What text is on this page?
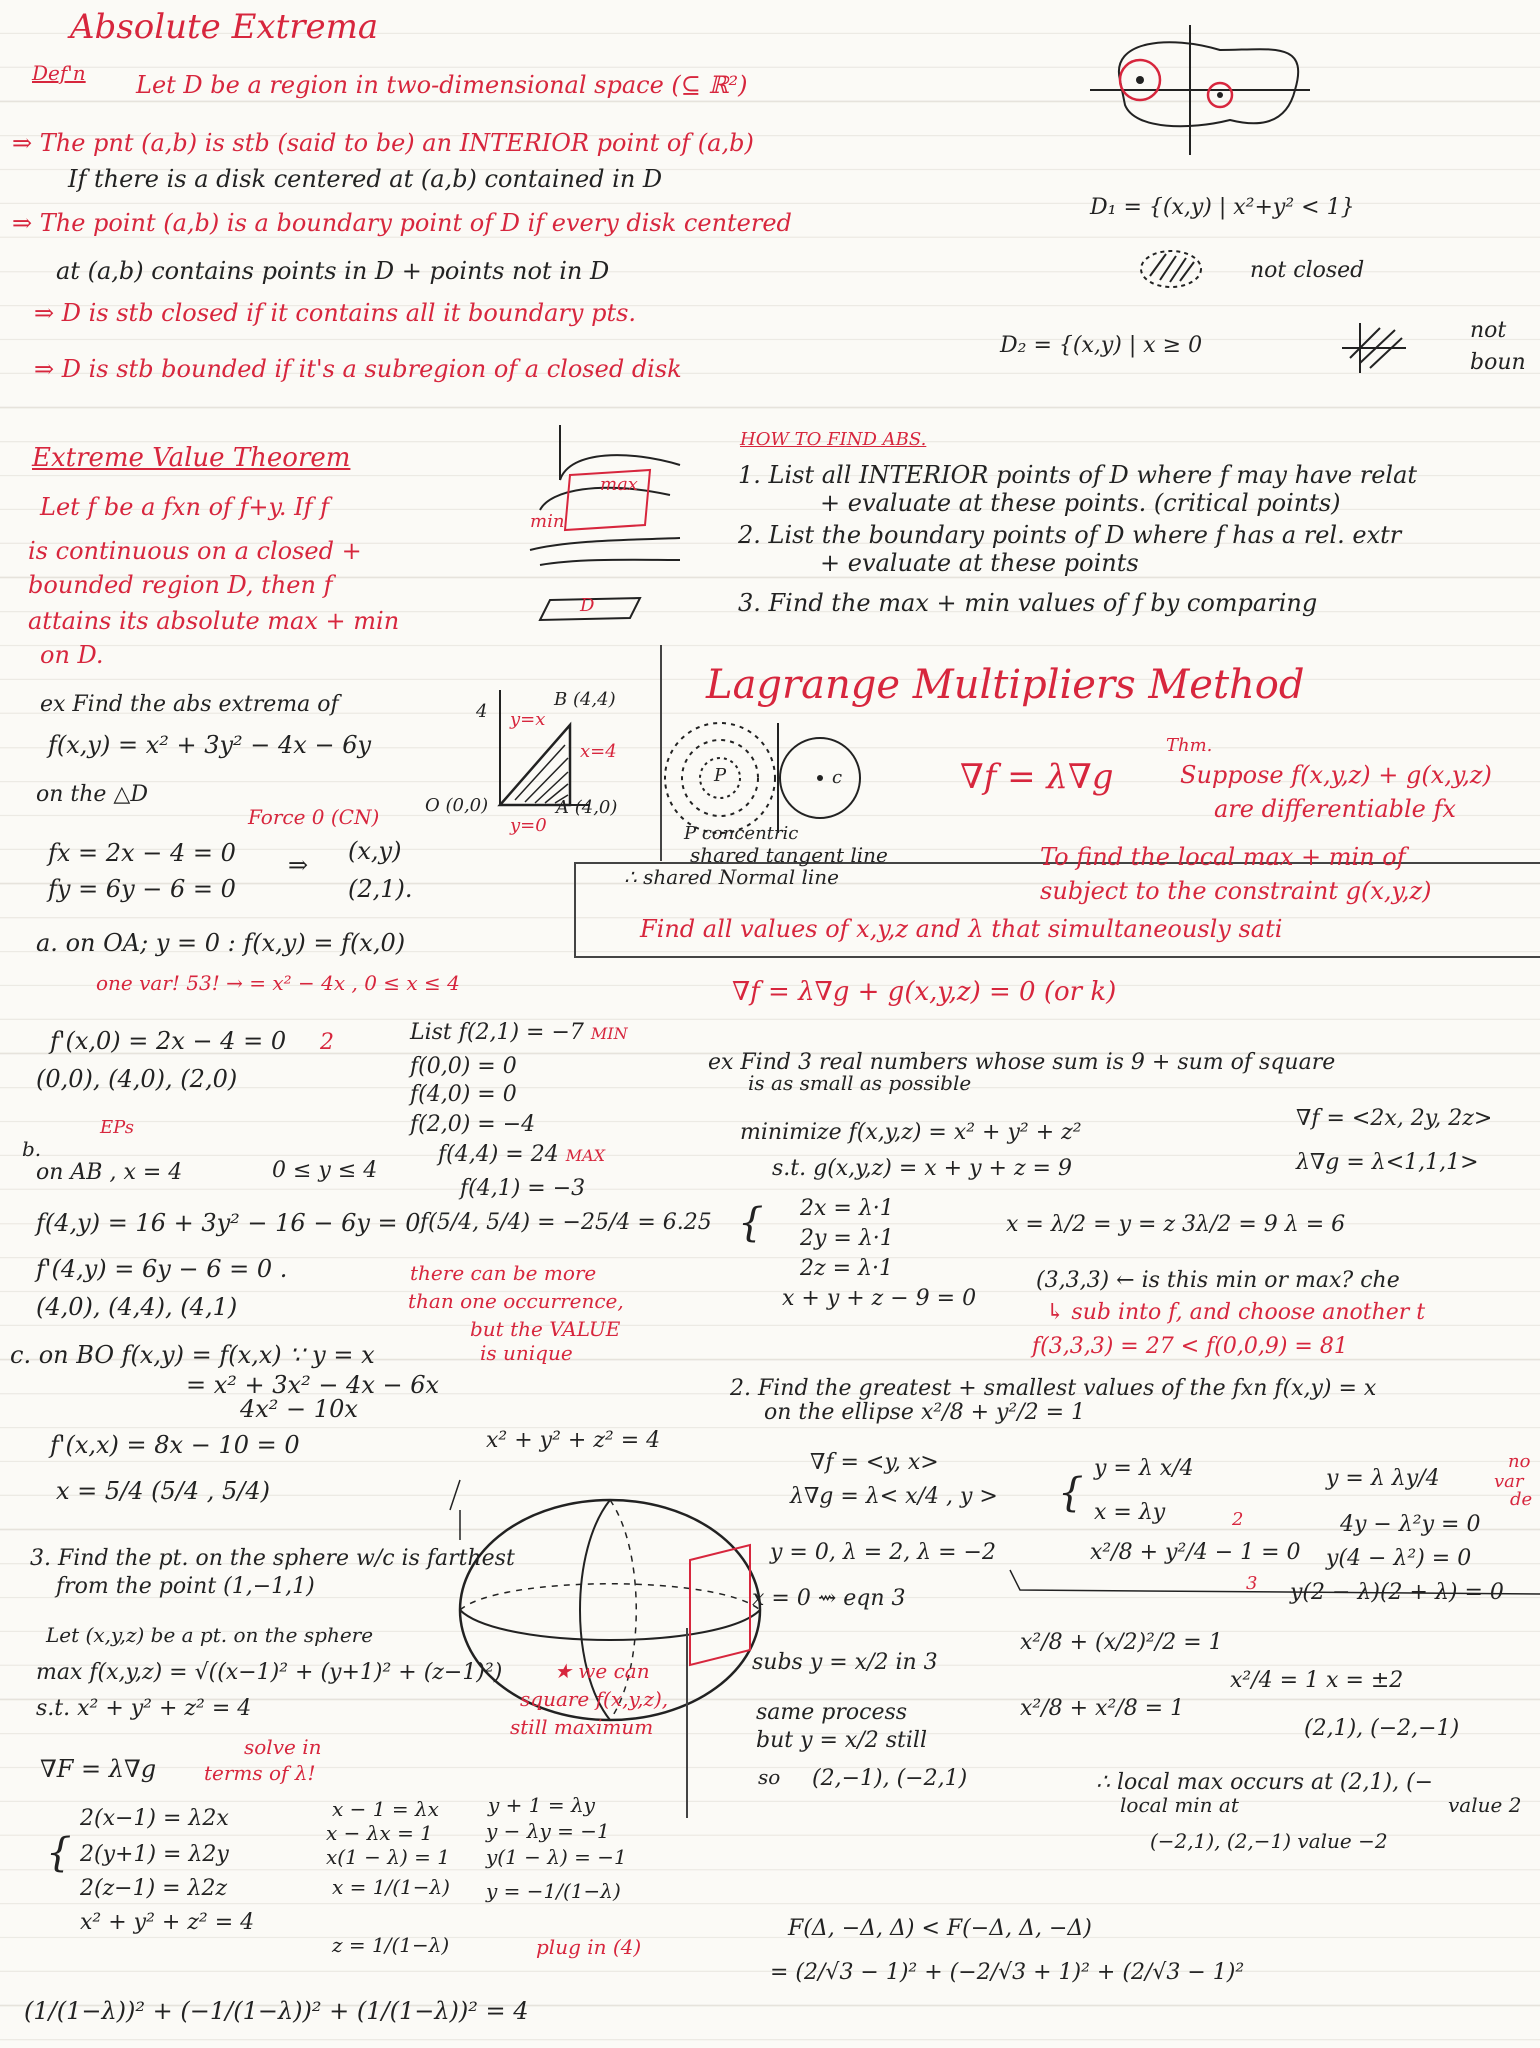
Absolute Extrema
Def'n Let D be a region in two-dimensional space (⊆ ℝ²)
⇒ The pnt (a,b) is stb (said to be) an INTERIOR point of (a,b)
If there is a disk centered at (a,b) contained in D
⇒ The point (a,b) is a boundary point of D if every disk centered
at (a,b) contains points in D + points not in D
⇒ D is stb closed if it contains all it boundary pts.
⇒ D is stb bounded if it's a subregion of a closed disk
D₁ = {(x,y) | x²+y² < 1}
not closed
D₂ = {(x,y) | x ≥ 0
not
boun
Extreme Value Theorem
Let f be a fxn of f+y. If f
is continuous on a closed +
bounded region D, then f
attains its absolute max + min
on D.
max
min
D
HOW TO FIND ABS.
1. List all INTERIOR points of D where f may have relat
+ evaluate at these points. (critical points)
2. List the boundary points of D where f has a rel. extr
+ evaluate at these points
3. Find the max + min values of f by comparing
ex Find the abs extrema of
f(x,y) = x² + 3y² − 4x − 6y
on the △D
Force 0 (CN)
fx = 2x − 4 = 0
fy = 6y − 6 = 0
⇒ (x,y)
(2,1).
B (4,4)
O (0,0)	A (4,0)
y=x
x=4
y=0
4
a. on OA; y = 0 : f(x,y) = f(x,0)
one var! 53! → = x² − 4x , 0 ≤ x ≤ 4
f'(x,0) = 2x − 4 = 0 2
(0,0), (4,0), (2,0)
EPs
b.
on AB , x = 4	0 ≤ y ≤ 4
f(4,y) = 16 + 3y² − 16 − 6y = 0
f'(4,y) = 6y − 6 = 0 .
(4,0), (4,4), (4,1)
c. on BO f(x,y) = f(x,x) ∵ y = x
= x² + 3x² − 4x − 6x
4x² − 10x
f'(x,x) = 8x − 10 = 0
x = 5/4 (5/4 , 5/4)
List f(2,1) = −7 MIN
f(0,0) = 0
f(4,0) = 0
f(2,0) = −4
f(4,4) = 24 MAX
f(4,1) = −3
f(5/4, 5/4) = −25/4 = 6.25
there can be more
than one occurrence,
but the VALUE
is unique
Lagrange Multipliers Method
∇f = λ∇g
P	c
P concentric
shared tangent line
∴ shared Normal line
Thm.
Suppose f(x,y,z) + g(x,y,z)
are differentiable fx
To find the local max + min of
subject to the constraint g(x,y,z)
Find all values of x,y,z and λ that simultaneously sati
∇f = λ∇g + g(x,y,z) = 0 (or k)
ex Find 3 real numbers whose sum is 9 + sum of square
is as small as possible
minimize f(x,y,z) = x² + y² + z²
s.t. g(x,y,z) = x + y + z = 9
∇f = <2x, 2y, 2z>
λ∇g = λ<1,1,1>
{ 2x = λ·1
2y = λ·1
2z = λ·1
x + y + z − 9 = 0
x = λ/2 = y = z 3λ/2 = 9 λ = 6
(3,3,3) ← is this min or max? che
↳ sub into f, and choose another t
f(3,3,3) = 27 < f(0,0,9) = 81
2. Find the greatest + smallest values of the fxn f(x,y) = x
on the ellipse x²/8 + y²/2 = 1
∇f = <y, x>
λ∇g = λ< x/4 , y > {
y = λ x/4
x = λy
x²/8 + y²/4 − 1 = 0
2
3
y = λ λy/4
4y − λ²y = 0
y(4 − λ²) = 0
y(2 − λ)(2 + λ) = 0
no
var
de
y = 0, λ = 2, λ = −2
x = 0 ⇝ eqn 3
subs y = x/2 in 3
same process
but y = x/2 still
so (2,−1), (−2,1)
x²/8 + (x/2)²/2 = 1
x²/8 + x²/8 = 1
x²/4 = 1 x = ±2
(2,1), (−2,−1)
∴ local max occurs at (2,1), (−
value 2
local min at
(−2,1), (2,−1) value −2
x² + y² + z² = 4
3. Find the pt. on the sphere w/c is farthest
from the point (1,−1,1)
Let (x,y,z) be a pt. on the sphere
max f(x,y,z) = √((x−1)² + (y+1)² + (z−1)²)
s.t. x² + y² + z² = 4
★ we can
square f(x,y,z),
still maximum
∇F = λ∇g
solve in
terms of λ!
{
2(x−1) = λ2x
2(y+1) = λ2y
2(z−1) = λ2z
x² + y² + z² = 4
x − 1 = λx
x − λx = 1
x(1 − λ) = 1
x = 1/(1−λ)
z = 1/(1−λ)
y + 1 = λy
y − λy = −1
y(1 − λ) = −1
y = −1/(1−λ)
plug in (4)
(1/(1−λ))² + (−1/(1−λ))² + (1/(1−λ))² = 4
F(Δ, −Δ, Δ) < F(−Δ, Δ, −Δ)
= (2/√3 − 1)² + (−2/√3 + 1)² + (2/√3 − 1)²
